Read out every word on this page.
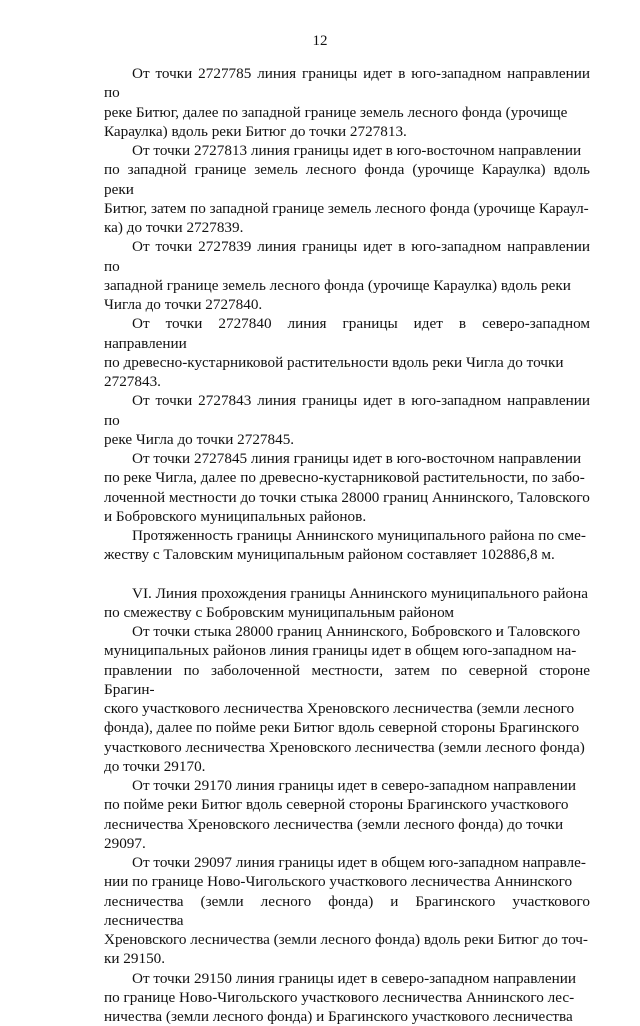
12

От точки 2727785 линия границы идет в юго-западном направлении по
реке Битюг, далее по западной границе земель лесного фонда (урочище
Караулка) вдоль реки Битюг до точки 2727813.

От точки 2727813 линия границы идет в юго-восточном направлении
по западной границе земель лесного фонда (урочище Караулка) вдоль реки
Битюг, затем по западной границе земель лесного фонда (урочище Караул-
ка) до точки 2727839.

От точки 2727839 линия границы идет в юго-западном направлении по
западной границе земель лесного фонда (урочище Караулка) вдоль реки
Чигла до точки 2727840.

От точки 2727840 линия границы идет в северо-западном направлении
по древесно-кустарниковой растительности вдоль реки Чигла до точки
2727843.

От точки 2727843 линия границы идет в юго-западном направлении по
реке Чигла до точки 2727845.

От точки 2727845 линия границы идет в юго-восточном направлении
по реке Чигла, далее по древесно-кустарниковой растительности, по забо-
лоченной местности до точки стыка 28000 границ Аннинского, Таловского
и Бобровского муниципальных районов.

Протяженность границы Аннинского муниципального района по сме-
жеству с Таловским муниципальным районом составляет 102886,8 м.

VI. Линия прохождения границы Аннинского муниципального района
по смежеству с Бобровским муниципальным районом

От точки стыка 28000 границ Аннинского, Бобровского и Таловского
муниципальных районов линия границы идет в общем юго-западном на-
правлении по заболоченной местности, затем по северной стороне Брагин-
ского участкового лесничества Хреновского лесничества (земли лесного
фонда), далее по пойме реки Битюг вдоль северной стороны Брагинского
участкового лесничества Хреновского лесничества (земли лесного фонда)
до точки 29170.

От точки 29170 линия границы идет в северо-западном направлении
по пойме реки Битюг вдоль северной стороны Брагинского участкового
лесничества Хреновского лесничества (земли лесного фонда) до точки
29097.

От точки 29097 линия границы идет в общем юго-западном направле-
нии по границе Ново-Чигольского участкового лесничества Аннинского
лесничества (земли лесного фонда) и Брагинского участкового лесничества
Хреновского лесничества (земли лесного фонда) вдоль реки Битюг до точ-
ки 29150.

От точки 29150 линия границы идет в северо-западном направлении
по границе Ново-Чигольского участкового лесничества Аннинского лес-
ничества (земли лесного фонда) и Брагинского участкового лесничества
